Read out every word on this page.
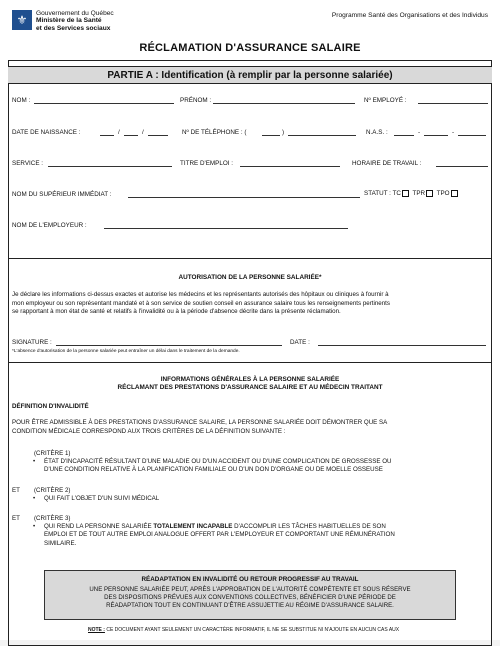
⚜ Gouvernement du Québec
Ministère de la Santé
et des Services sociaux
Programme Santé des Organisations et des Individus
RÉCLAMATION D'ASSURANCE SALAIRE
PARTIE A : Identification (à remplir par la personne salariée)
NOM :	PRÉNOM :	Nº EMPLOYÉ :
DATE DE NAISSANCE :	/	/	Nº DE TÉLÉPHONE : (	)	N.A.S. :	-	-
SERVICE :	TITRE D'EMPLOI :	HORAIRE DE TRAVAIL :
NOM DU SUPÉRIEUR IMMÉDIAT :	STATUT : TC TPR TPO
NOM DE L'EMPLOYEUR :
AUTORISATION DE LA PERSONNE SALARIÉE*
Je déclare les informations ci-dessus exactes et autorise les médecins et les représentants autorisés des hôpitaux ou cliniques à fournir à
mon employeur ou son représentant mandaté et à son service de soutien conseil en assurance salaire tous les renseignements pertinents
se rapportant à mon état de santé et relatifs à l'invalidité ou à la période d'absence décrite dans la présente réclamation.
SIGNATURE :	DATE :
*L'absence d'autorisation de la personne salariée peut entraîner un délai dans le traitement de la demande.
INFORMATIONS GÉNÉRALES À LA PERSONNE SALARIÉE
RÉCLAMANT DES PRESTATIONS D'ASSURANCE SALAIRE ET AU MÉDECIN TRAITANT
DÉFINITION D'INVALIDITÉ
POUR ÊTRE ADMISSIBLE À DES PRESTATIONS D'ASSURANCE SALAIRE, LA PERSONNE SALARIÉE DOIT DÉMONTRER QUE SA
CONDITION MÉDICALE CORRESPOND AUX TROIS CRITÈRES DE LA DÉFINITION SUIVANTE :
(CRITÈRE 1)
• ÉTAT D'INCAPACITÉ RÉSULTANT D'UNE MALADIE OU D'UN ACCIDENT OU D'UNE COMPLICATION DE GROSSESSE OU
D'UNE CONDITION RELATIVE À LA PLANIFICATION FAMILIALE OU D'UN DON D'ORGANE OU DE MOELLE OSSEUSE
ET (CRITÈRE 2)
• QUI FAIT L'OBJET D'UN SUIVI MÉDICAL
ET (CRITÈRE 3)
• QUI REND LA PERSONNE SALARIÉE TOTALEMENT INCAPABLE D'ACCOMPLIR LES TÂCHES HABITUELLES DE SON
EMPLOI ET DE TOUT AUTRE EMPLOI ANALOGUE OFFERT PAR L'EMPLOYEUR ET COMPORTANT UNE RÉMUNÉRATION
SIMILAIRE.
RÉADAPTATION EN INVALIDITÉ OU RETOUR PROGRESSIF AU TRAVAIL
UNE PERSONNE SALARIÉE PEUT, APRÈS L'APPROBATION DE L'AUTORITÉ COMPÉTENTE ET SOUS RÉSERVE
DES DISPOSITIONS PRÉVUES AUX CONVENTIONS COLLECTIVES, BÉNÉFICIER D'UNE PÉRIODE DE
RÉADAPTATION TOUT EN CONTINUANT D'ÊTRE ASSUJETTIE AU RÉGIME D'ASSURANCE SALAIRE.
NOTE : CE DOCUMENT AYANT SEULEMENT UN CARACTÈRE INFORMATIF, IL NE SE SUBSTITUE NI N'AJOUTE EN AUCUN CAS AUX
